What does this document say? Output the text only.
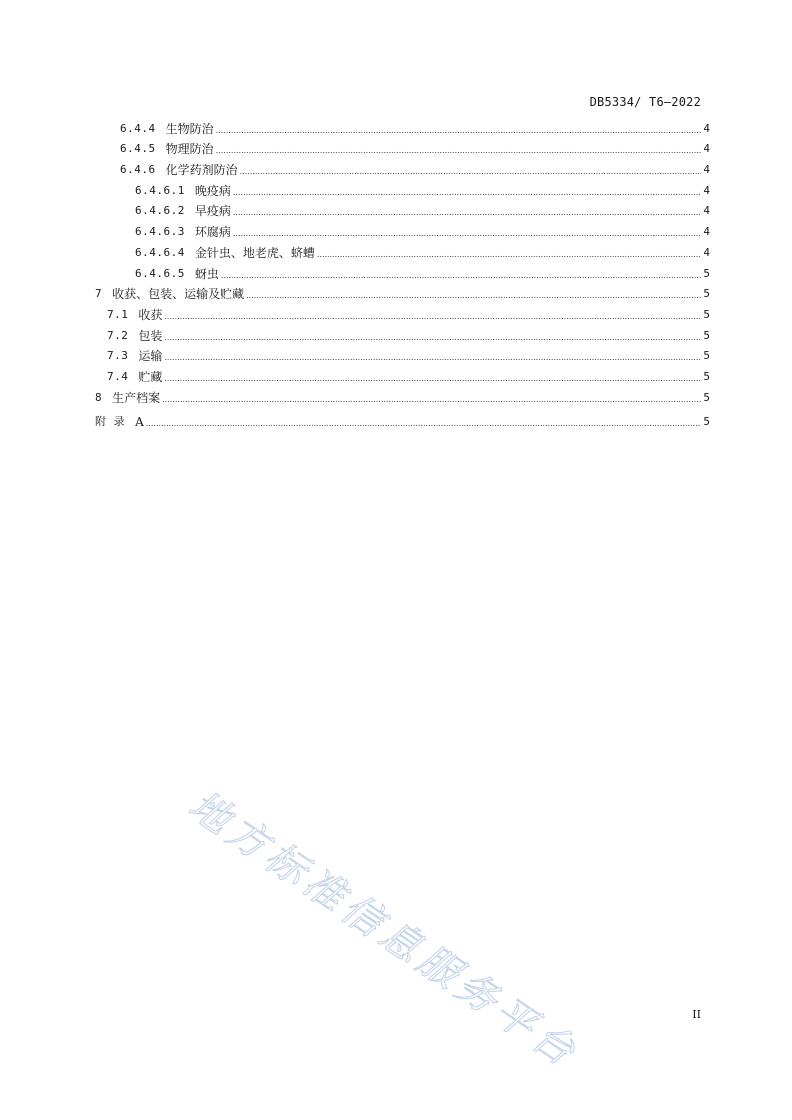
DB5334/ T6—2022
6.4.4 生物防治 .....	4
6.4.5 物理防治 .....	4
6.4.6 化学药剂防治 .....	4
6.4.6.1 晚疫病 .....	4
6.4.6.2 早疫病 .....	4
6.4.6.3 环腐病 .....	4
6.4.6.4 金针虫、地老虎、蛴螬 .....	4
6.4.6.5 蚜虫 .....	5
7 收获、包装、运输及贮藏 .....	5
7.1 收获 .....	5
7.2 包装 .....	5
7.3 运输 .....	5
7.4 贮藏 .....	5
8 生产档案 .....	5
附 录 A .....	5
地方标准信息服务平台	II
